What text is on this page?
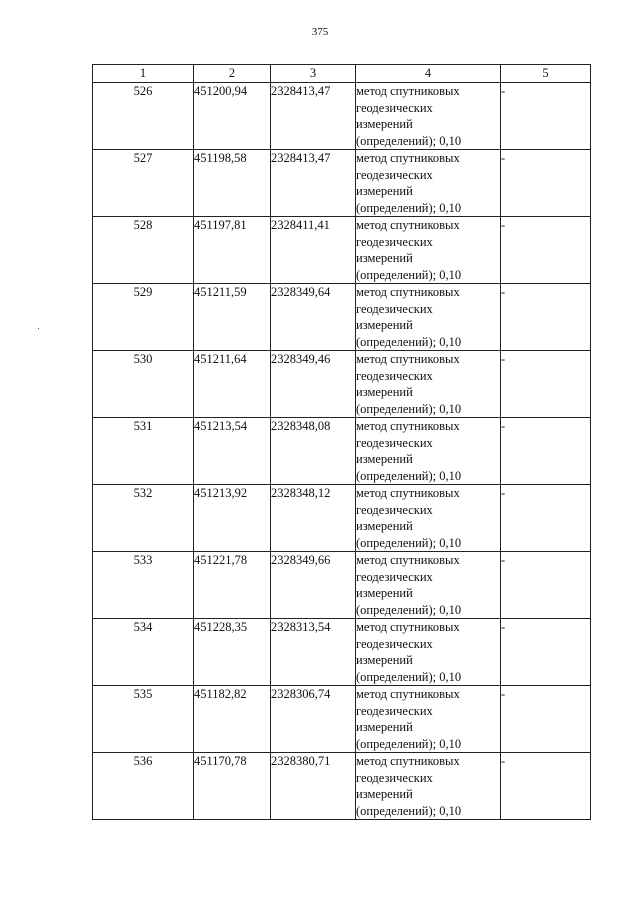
375
1	2	3	4	5
526	451200,94	2328413,47	метод спутниковых
геодезических
измерений
(определений); 0,10	-
527	451198,58	2328413,47	метод спутниковых
геодезических
измерений
(определений); 0,10	-
528	451197,81	2328411,41	метод спутниковых
геодезических
измерений
(определений); 0,10	-
529	451211,59	2328349,64	метод спутниковых
геодезических
измерений
(определений); 0,10	-
530	451211,64	2328349,46	метод спутниковых
геодезических
измерений
(определений); 0,10	-
531	451213,54	2328348,08	метод спутниковых
геодезических
измерений
(определений); 0,10	-
532	451213,92	2328348,12	метод спутниковых
геодезических
измерений
(определений); 0,10	-
533	451221,78	2328349,66	метод спутниковых
геодезических
измерений
(определений); 0,10	-
534	451228,35	2328313,54	метод спутниковых
геодезических
измерений
(определений); 0,10	-
535	451182,82	2328306,74	метод спутниковых
геодезических
измерений
(определений); 0,10	-
536	451170,78	2328380,71	метод спутниковых
геодезических
измерений
(определений); 0,10	-
